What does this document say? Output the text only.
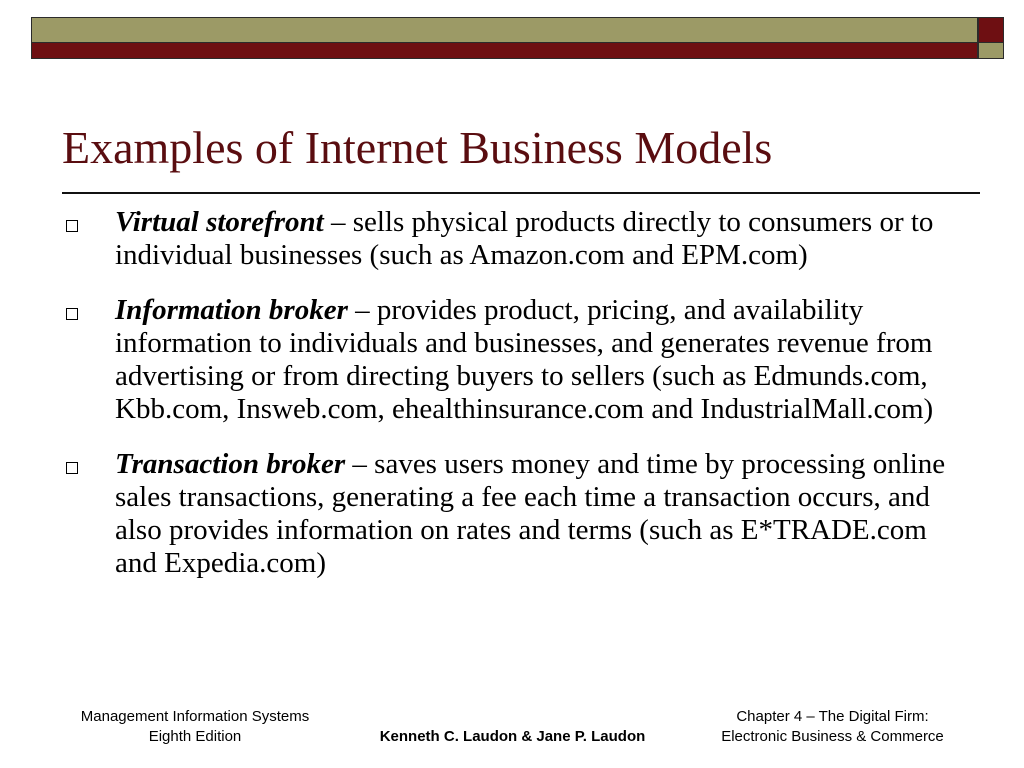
Examples of Internet Business Models
Virtual storefront – sells physical products directly to consumers or to individual businesses (such as Amazon.com and EPM.com)
Information broker – provides product, pricing, and availability information to individuals and businesses, and generates revenue from advertising or from directing buyers to sellers (such as Edmunds.com, Kbb.com, Insweb.com, ehealthinsurance.com and IndustrialMall.com)
Transaction broker – saves users money and time by processing online sales transactions, generating a fee each time a transaction occurs, and also provides information on rates and terms (such as E*TRADE.com and Expedia.com)
Management Information Systems
Eighth Edition	Kenneth C. Laudon & Jane P. Laudon
Chapter 4 – The Digital Firm:
Electronic Business & Commerce
